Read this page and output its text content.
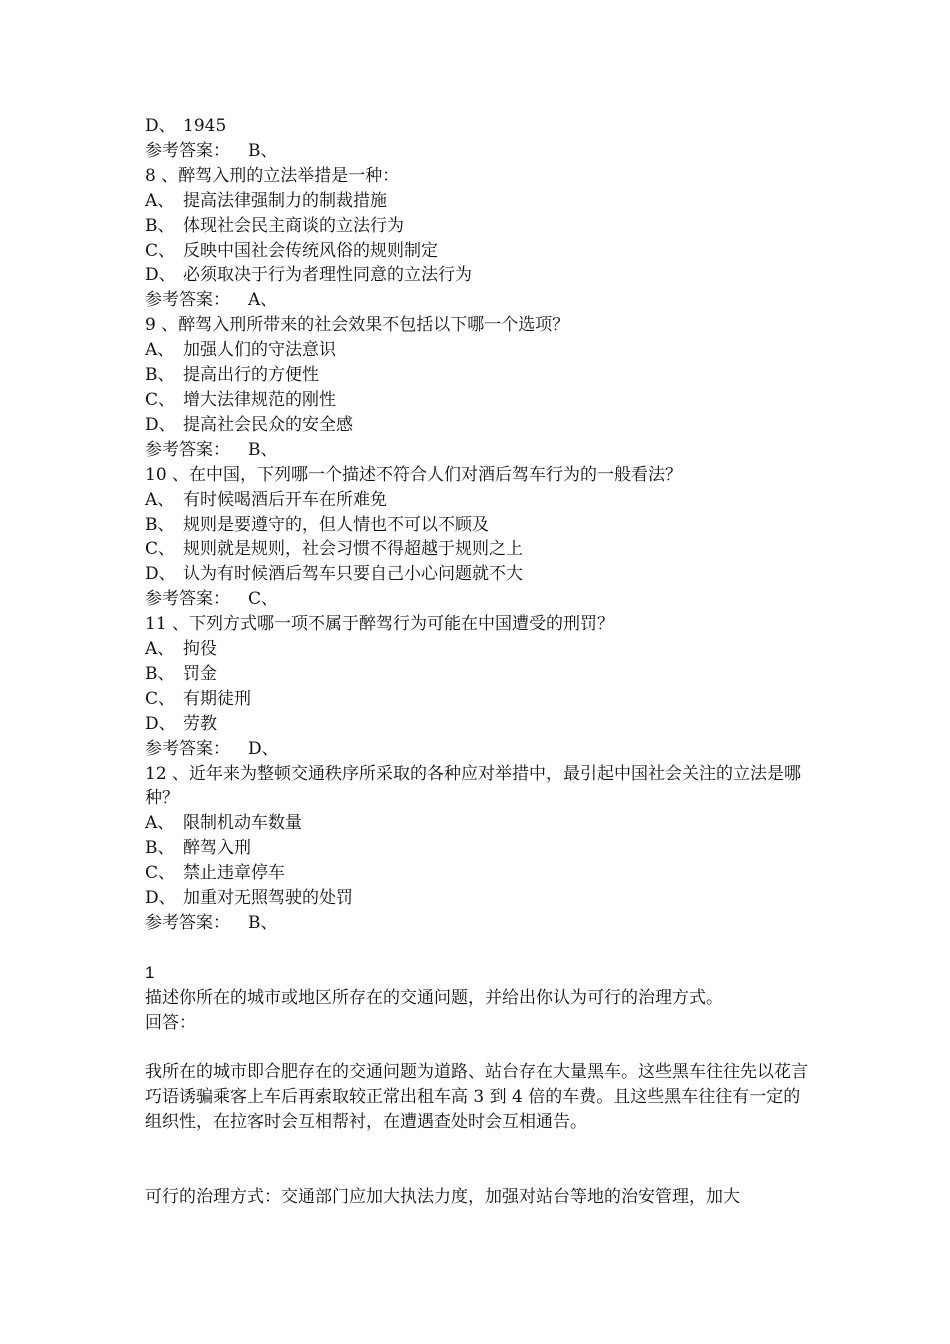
D、 1945
参考答案： B、
8 、醉驾入刑的立法举措是一种：
A、 提高法律强制力的制裁措施
B、 体现社会民主商谈的立法行为
C、 反映中国社会传统风俗的规则制定
D、 必须取决于行为者理性同意的立法行为
参考答案： A、
9 、醉驾入刑所带来的社会效果不包括以下哪一个选项？
A、 加强人们的守法意识
B、 提高出行的方便性
C、 增大法律规范的刚性
D、 提高社会民众的安全感
参考答案： B、
10 、在中国，下列哪一个描述不符合人们对酒后驾车行为的一般看法？
A、 有时候喝酒后开车在所难免
B、 规则是要遵守的，但人情也不可以不顾及
C、 规则就是规则，社会习惯不得超越于规则之上
D、 认为有时候酒后驾车只要自己小心问题就不大
参考答案： C、
11 、下列方式哪一项不属于醉驾行为可能在中国遭受的刑罚？
A、 拘役
B、 罚金
C、 有期徒刑
D、 劳教
参考答案： D、
12 、近年来为整顿交通秩序所采取的各种应对举措中，最引起中国社会关注的立法是哪种？
A、 限制机动车数量
B、 醉驾入刑
C、 禁止违章停车
D、 加重对无照驾驶的处罚
参考答案： B、
1
描述你所在的城市或地区所存在的交通问题，并给出你认为可行的治理方式。
回答：
我所在的城市即合肥存在的交通问题为道路、站台存在大量黑车。这些黑车往往先以花言巧语诱骗乘客上车后再索取较正常出租车高 3 到 4 倍的车费。且这些黑车往往有一定的组织性，在拉客时会互相帮衬，在遭遇查处时会互相通告。
可行的治理方式：交通部门应加大执法力度，加强对站台等地的治安管理，加大
